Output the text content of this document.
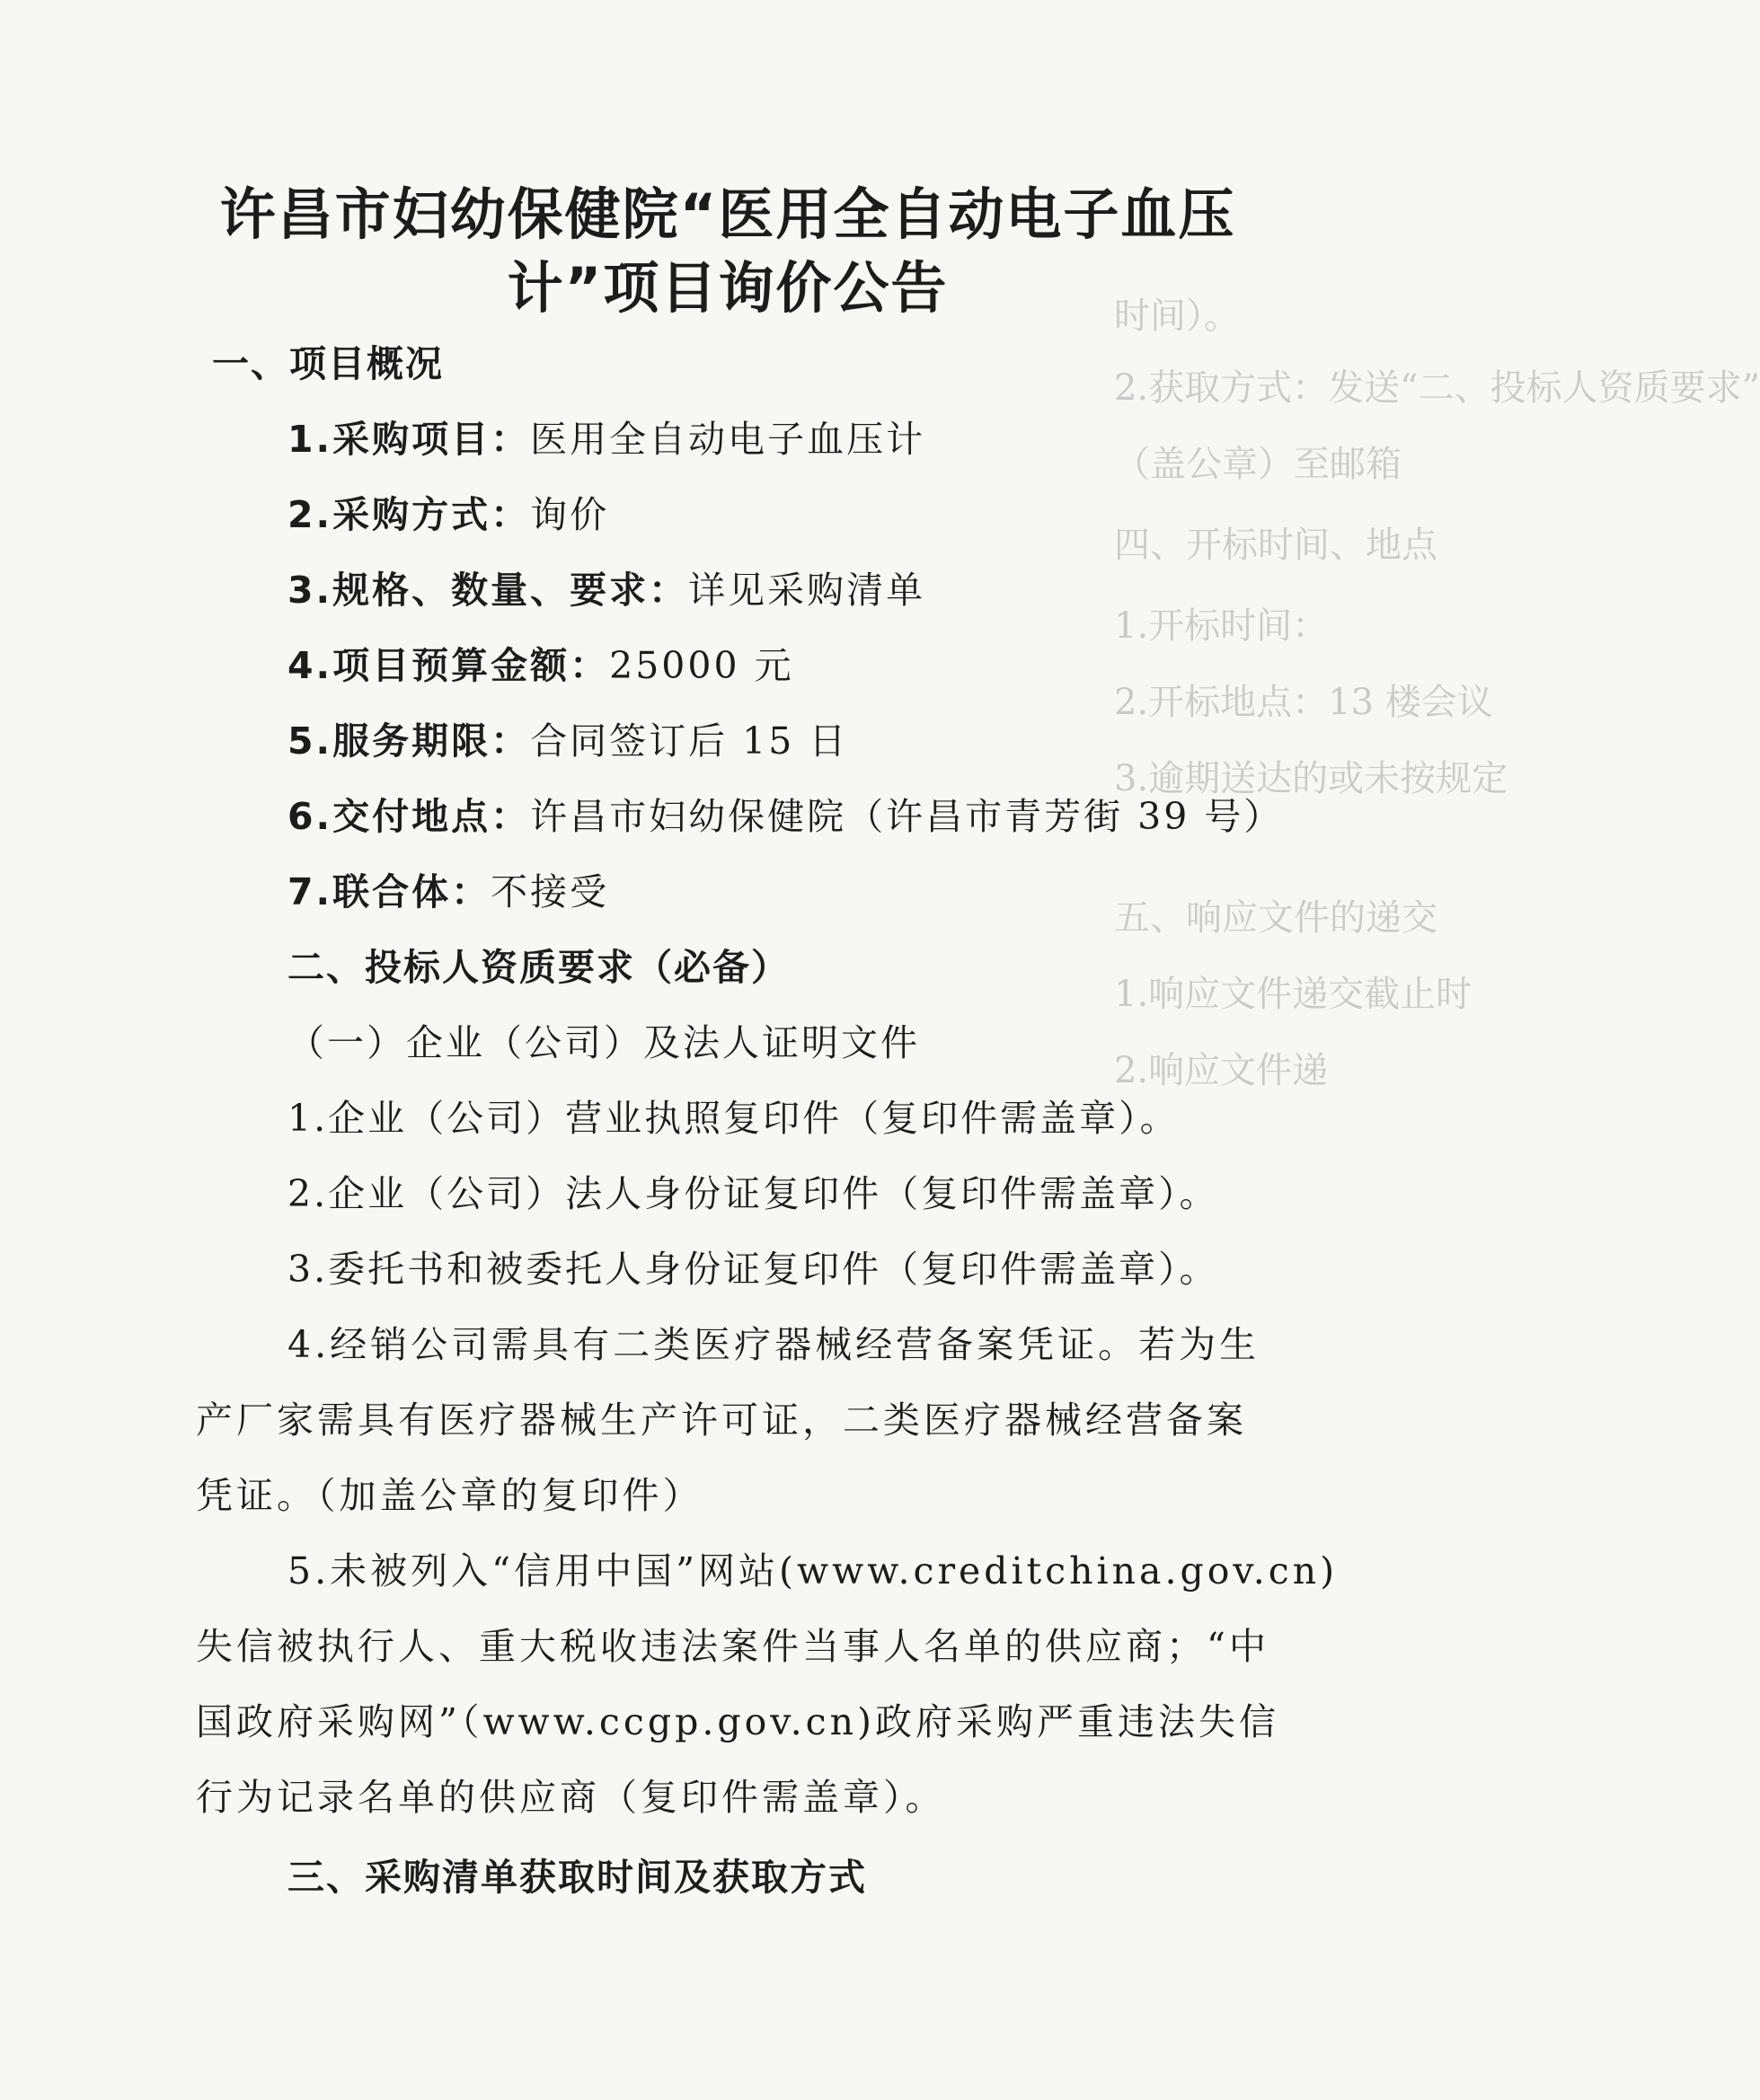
时间）。
2.获取方式：发送“二、投标人资质要求”
（盖公章）至邮箱
四、开标时间、地点
1.开标时间：
2.开标地点：13 楼会议
3.逾期送达的或未按规定
五、响应文件的递交
1.响应文件递交截止时
2.响应文件递
许昌市妇幼保健院“医用全自动电子血压
计”项目询价公告
一、项目概况
1.采购项目：医用全自动电子血压计
2.采购方式：询价
3.规格、数量、要求：详见采购清单
4.项目预算金额：25000 元
5.服务期限：合同签订后 15 日
6.交付地点：许昌市妇幼保健院（许昌市青芳街 39 号）
7.联合体：不接受
二、投标人资质要求（必备）
（一）企业（公司）及法人证明文件
1.企业（公司）营业执照复印件（复印件需盖章）。
2.企业（公司）法人身份证复印件（复印件需盖章）。
3.委托书和被委托人身份证复印件（复印件需盖章）。
4.经销公司需具有二类医疗器械经营备案凭证。若为生
产厂家需具有医疗器械生产许可证，二类医疗器械经营备案
凭证。（加盖公章的复印件）
5.未被列入“信用中国”网站(www.creditchina.gov.cn)
失信被执行人、重大税收违法案件当事人名单的供应商；“中
国政府采购网”（www.ccgp.gov.cn)政府采购严重违法失信
行为记录名单的供应商（复印件需盖章）。
三、采购清单获取时间及获取方式
